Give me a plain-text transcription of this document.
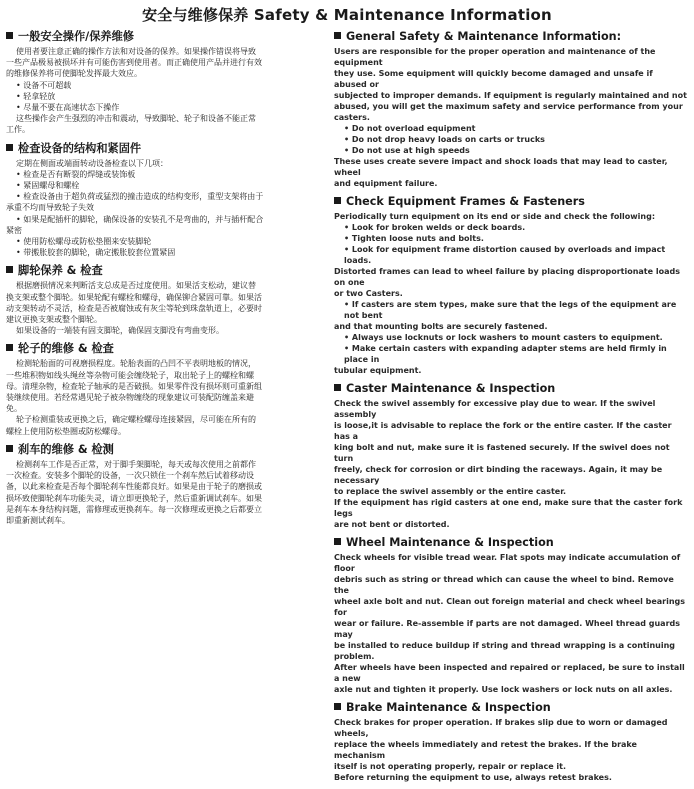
安全与维修保养 Safety & Maintenance Information
一般安全操作/保养维修
使用者要注意正确的操作方法和对设备的保养。如果操作错误将导致
一些产品极易被损坏并有可能伤害到使用者。而正确使用产品并进行有效
的维修保养将可使脚轮发挥最大效应。
• 设备不可超载
• 轻拿轻放
• 尽量不要在高速状态下操作
这些操作会产生强烈的冲击和震动，导致脚轮、轮子和设备不能正常
工作。
检查设备的结构和紧固件
定期在侧面或端面转动设备检查以下几项：
• 检查是否有断裂的焊缝或装饰板
• 紧固螺母和螺栓
• 检查设备由于超负荷或猛烈的撞击造成的结构变形，重型支架将由于
承重不均而导致轮子失效
• 如果是配插杆的脚轮，确保设备的安装孔不是弯曲的，并与插杆配合
紧密
• 使用防松螺母或防松垫圈来安装脚轮
• 带搬胀胶套的脚轮，确定搬胀胶套位置紧固
脚轮保养 & 检查
根据磨损情况来判断活支总成是否过度使用。如果活支松动，建议替
换支架或整个脚轮。如果轮配有螺栓和螺母，确保铆合紧固可靠。如果活
动支架转动不灵活，检查是否被腐蚀或有灰尘等轮到珠盘轨道上，必要时
建议更换支架或整个脚轮。
如果设备的一端装有固支脚轮，确保固支脚没有弯曲变形。
轮子的维修 & 检查
检测轮胎面的可视磨损程度。轮胎表面的凸凹不平表明地板的情况，
一些堆积物如线头绳丝等杂物可能会缠绕轮子，取出轮子上的螺栓和螺
母。清理杂物，检查轮子轴承的是否破损。如果零件没有损坏则可重新组
装继续使用。若经常遇见轮子被杂物缠绕的现象建议可装配防缠盖来避
免。
轮子检测重装或更换之后，确定螺栓螺母连接紧固，尽可能在所有的
螺栓上使用防松垫圈或防松螺母。
刹车的维修 & 检测
检测刹车工作是否正常，对于脚手架脚轮，每天或每次使用之前都作
一次检查。安装多个脚轮的设备，一次只锁住一个刹车然后试着移动设
备，以此来检查是否每个脚轮刹车性能都良好。如果是由于轮子的磨损或
损坏致使脚轮刹车功能失灵，请立即更换轮子，然后重新调试刹车。如果
是刹车本身结构问题，需修理或更换刹车。每一次修理或更换之后都要立
即重新测试刹车。
General Safety & Maintenance Information:
Users are responsible for the proper operation and maintenance of the equipment
they use. Some equipment will quickly become damaged and unsafe if abused or
subjected to improper demands. If equipment is regularly maintained and not
abused, you will get the maximum safety and service performance from your
casters.
• Do not overload equipment
• Do not drop heavy loads on carts or trucks
• Do not use at high speeds
These uses create severe impact and shock loads that may lead to caster, wheel
and equipment failure.
Check Equipment Frames & Fasteners
Periodically turn equipment on its end or side and check the following:
• Look for broken welds or deck boards.
• Tighten loose nuts and bolts.
• Look for equipment frame distortion caused by overloads and impact loads.
Distorted frames can lead to wheel failure by placing disproportionate loads on one
or two Casters.
• If casters are stem types, make sure that the legs of the equipment are not bent
and that mounting bolts are securely fastened.
• Always use locknuts or lock washers to mount casters to equipment.
• Make certain casters with expanding adapter stems are held firmly in place in
tubular equipment.
Caster Maintenance & Inspection
Check the swivel assembly for excessive play due to wear. If the swivel assembly
is loose,it is advisable to replace the fork or the entire caster. If the caster has a
king bolt and nut, make sure it is fastened securely. If the swivel does not turn
freely, check for corrosion or dirt binding the raceways. Again, it may be necessary
to replace the swivel assembly or the entire caster.
If the equipment has rigid casters at one end, make sure that the caster fork legs
are not bent or distorted.
Wheel Maintenance & Inspection
Check wheels for visible tread wear. Flat spots may indicate accumulation of floor
debris such as string or thread which can cause the wheel to bind. Remove the
wheel axle bolt and nut. Clean out foreign material and check wheel bearings for
wear or failure. Re-assemble if parts are not damaged. Wheel thread guards may
be installed to reduce buildup if string and thread wrapping is a continuing problem.
After wheels have been inspected and repaired or replaced, be sure to install a new
axle nut and tighten it properly. Use lock washers or lock nuts on all axles.
Brake Maintenance & Inspection
Check brakes for proper operation. If brakes slip due to worn or damaged wheels,
replace the wheels immediately and retest the brakes. If the brake mechanism
itself is not operating properly, repair or replace it.
Before returning the equipment to use, always retest brakes.
